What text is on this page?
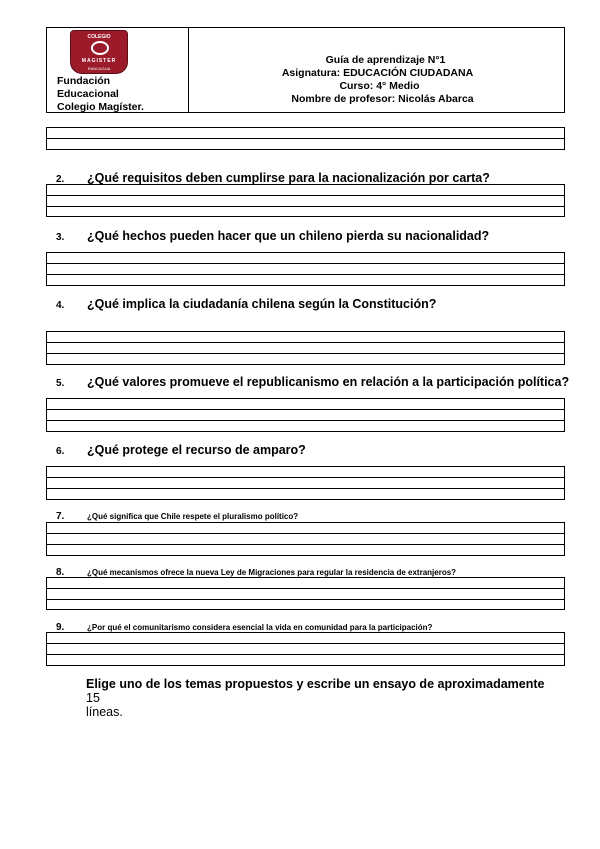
COLEGIO
MAGISTER
RANCAGUA
Fundación
Educacional
Colegio Magíster.
Guía de aprendizaje N°1
Asignatura: EDUCACIÓN CIUDADANA
Curso: 4° Medio
Nombre de profesor: Nicolás Abarca
2. ¿Qué requisitos deben cumplirse para la nacionalización por carta?
3. ¿Qué hechos pueden hacer que un chileno pierda su nacionalidad?
4. ¿Qué implica la ciudadanía chilena según la Constitución?
5. ¿Qué valores promueve el republicanismo en relación a la participación política?
6. ¿Qué protege el recurso de amparo?
7.	¿Qué significa que Chile respete el pluralismo político?
8.	¿Qué mecanismos ofrece la nueva Ley de Migraciones para regular la residencia de extranjeros?
9.	¿Por qué el comunitarismo considera esencial la vida en comunidad para la participación?
Elige uno de los temas propuestos y escribe un ensayo de aproximadamente 15
líneas.
